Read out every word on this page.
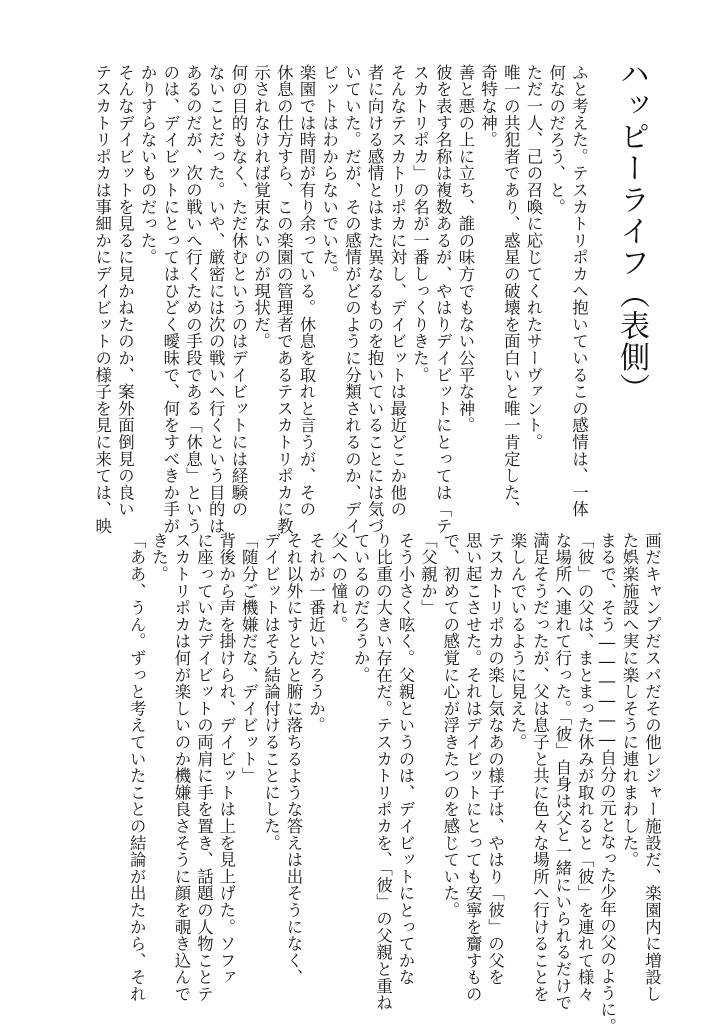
ハッピーライフ（表側）
ふと考えた。テスカトリポカへ抱いているこの感情は、一体
何なのだろう、と。
ただ一人、己の召喚に応じてくれたサーヴァント。
唯一の共犯者であり、惑星の破壊を面白いと唯一肯定した、
奇特な神。
善と悪の上に立ち、誰の味方でもない公平な神。
彼を表す名称は複数あるが、やはりデイビットにとっては「テ
スカトリポカ」の名が一番しっくりきた。
そんなテスカトリポカに対し、デイビットは最近どこか他の
者に向ける感情とはまた異なるものを抱いていることには気づ
いていた。だが、その感情がどのように分類されるのか、デイ
ビットはわからないでいた。
楽園では時間が有り余っている。休息を取れと言うが、その
休息の仕方すら、この楽園の管理者であるテスカトリポカに教
示されなければ覚束ないのが現状だ。
何の目的もなく、ただ休むというのはデイビットには経験の
ないことだった。いや、厳密には次の戦いへ行くという目的は
あるのだが、次の戦いへ行くための手段である「休息」という
のは、デイビットにとってはひどく曖昧で、何をすべきか手が
かりすらないものだった。
そんなデイビットを見るに見かねたのか、案外面倒見の良い
テスカトリポカは事細かにデイビットの様子を見に来ては、映
画だキャンプだスパだその他レジャー施設だ、楽園内に増設し
た娯楽施設へ実に楽しそうに連れまわした。
まるで、そう――――――自分の元となった少年の父のように。
「彼」の父は、まとまった休みが取れると「彼」を連れて様々
な場所へ連れて行った。「彼」自身は父と一緒にいられるだけで
満足そうだったが、父は息子と共に色々な場所へ行けることを
楽しんでいるように見えた。
テスカトリポカの楽し気なあの様子は、やはり「彼」の父を
思い起こさせた。それはデイビットにとっても安寧を齎すもの
で、初めての感覚に心が浮きたつのを感じていた。
「父親か」
そう小さく呟く。父親というのは、デイビットにとってかな
り比重の大きい存在だ。テスカトリポカを、「彼」の父親と重ね
ているのだろうか。
父への憧れ。
それが一番近いだろうか。
それ以外にすとんと腑に落ちるような答えは出そうになく、
デイビットはそう結論付けることにした。
「随分ご機嫌だな、デイビット」
背後から声を掛けられ、デイビットは上を見上げた。ソファ
に座っていたデイビットの両肩に手を置き、話題の人物ことテ
スカトリポカは何が楽しいのか機嫌良さそうに顔を覗き込んで
きた。
「ああ、うん。ずっと考えていたことの結論が出たから、それ
